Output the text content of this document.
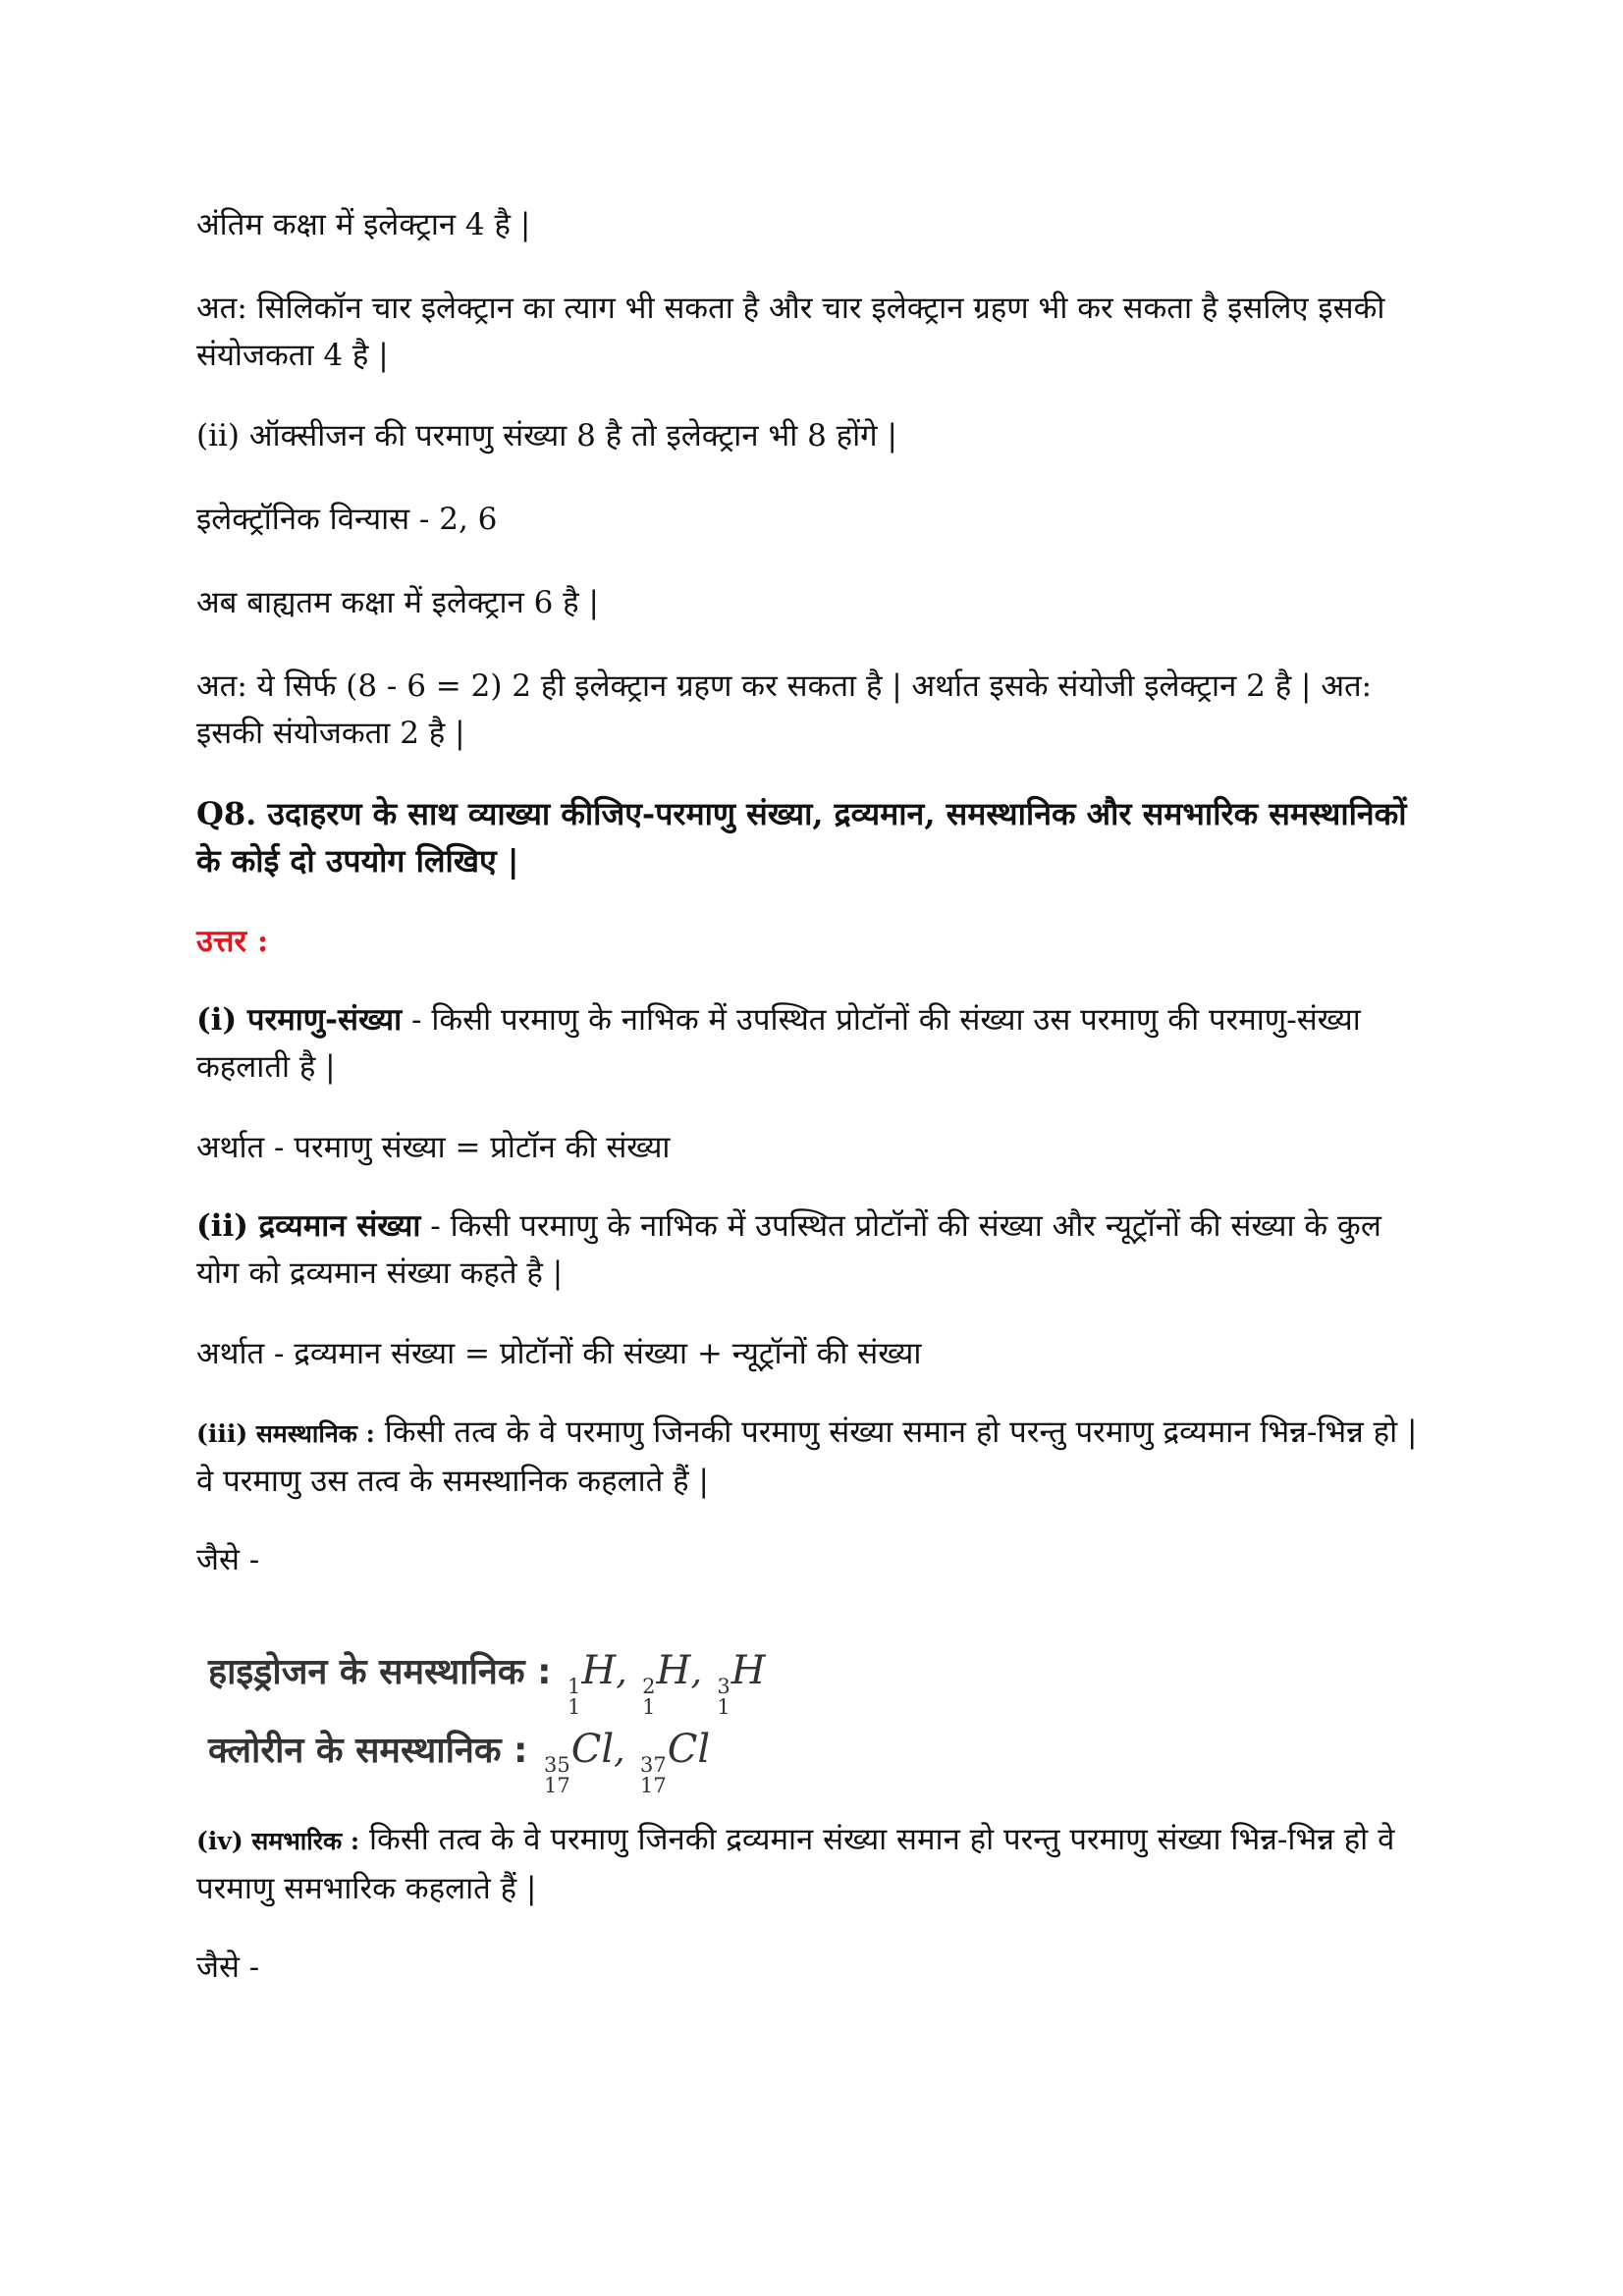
अंतिम कक्षा में इलेक्ट्रान 4 है |

अत: सिलिकॉन चार इलेक्ट्रान का त्याग भी सकता है और चार इलेक्ट्रान ग्रहण भी कर सकता है इसलिए इसकी संयोजकता 4 है |

(ii) ऑक्सीजन की परमाणु संख्या 8 है तो इलेक्ट्रान भी 8 होंगे |

इलेक्ट्रॉनिक विन्यास - 2, 6

अब बाह्यतम कक्षा में इलेक्ट्रान 6 है |

अत: ये सिर्फ (8 - 6 = 2) 2 ही इलेक्ट्रान ग्रहण कर सकता है | अर्थात इसके संयोजी इलेक्ट्रान 2 है | अत: इसकी संयोजकता 2 है |

Q8. उदाहरण के साथ व्याख्या कीजिए-परमाणु संख्या, द्रव्यमान, समस्थानिक और समभारिक समस्थानिकों के कोई दो उपयोग लिखिए |

उत्तर :

(i) परमाणु-संख्या - किसी परमाणु के नाभिक में उपस्थित प्रोटॉनों की संख्या उस परमाणु की परमाणु-संख्या कहलाती है |

अर्थात - परमाणु संख्या = प्रोटॉन की संख्या

(ii) द्रव्यमान संख्या - किसी परमाणु के नाभिक में उपस्थित प्रोटॉनों की संख्या और न्यूट्रॉनों की संख्या के कुल योग को द्रव्यमान संख्या कहते है |

अर्थात - द्रव्यमान संख्या = प्रोटॉनों की संख्या + न्यूट्रॉनों की संख्या

(iii) समस्थानिक : किसी तत्व के वे परमाणु जिनकी परमाणु संख्या समान हो परन्तु परमाणु द्रव्यमान भिन्न-भिन्न हो | वे परमाणु उस तत्व के समस्थानिक कहलाते हैं |

जैसे -

हाइड्रोजन के समस्थानिक : 1
1
H, 2
1
H, 3
1
H
क्लोरीन के समस्थानिक : 35
17
Cl, 37
17
Cl

(iv) समभारिक : किसी तत्व के वे परमाणु जिनकी द्रव्यमान संख्या समान हो परन्तु परमाणु संख्या भिन्न-भिन्न हो वे परमाणु समभारिक कहलाते हैं |

जैसे -
